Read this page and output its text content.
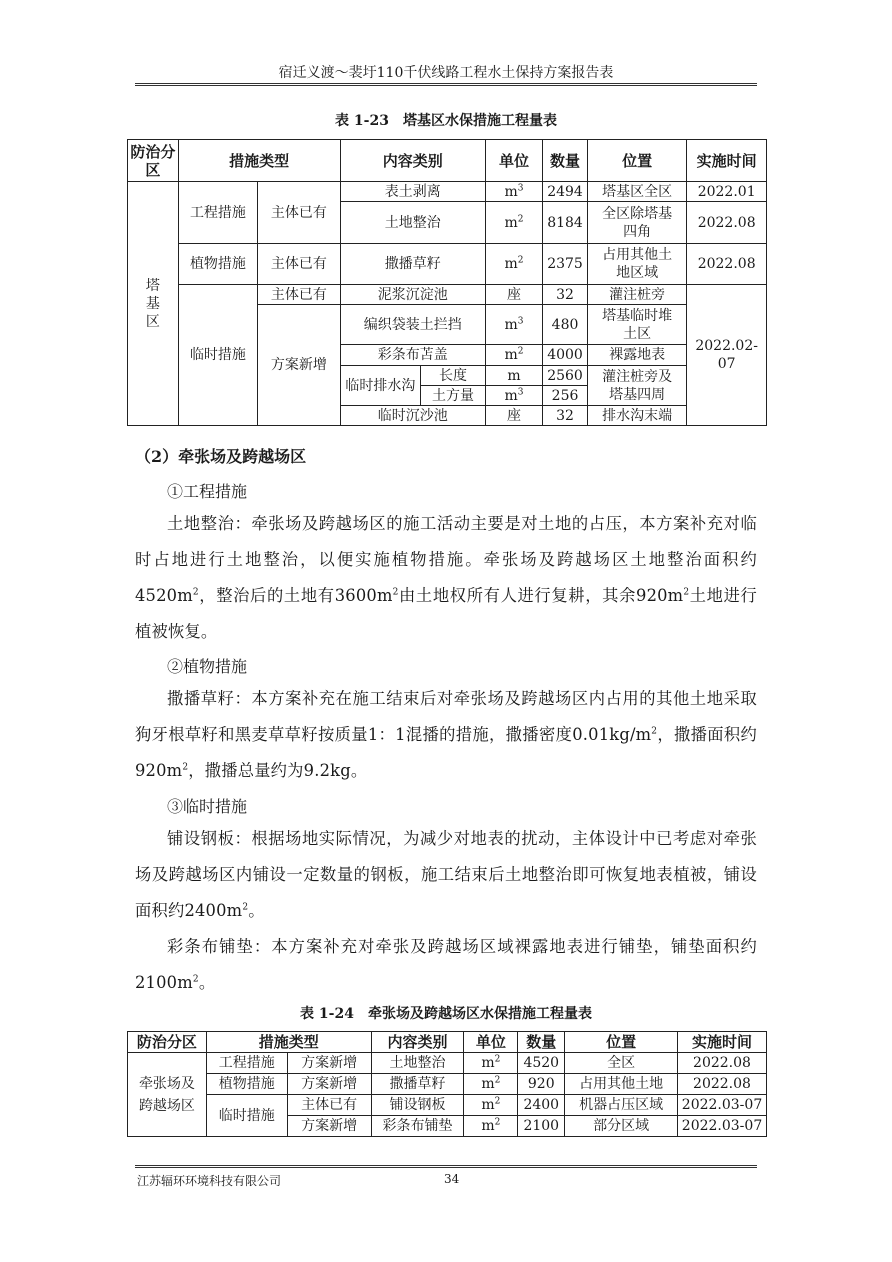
宿迁义渡～裴圩110千伏线路工程水土保持方案报告表
表 1-23　塔基区水保措施工程量表
防治分区	措施类型		内容类别		单位	数量	位置	实施时间
塔基区	工程措施	主体已有	表土剥离		$m^3$	2494	塔基区全区	2022.01
			土地整治		$m^2$	8184	全区除塔基四角	2022.08
	植物措施	主体已有	撒播草籽		$m^2$	2375	占用其他土地区域	2022.08
	临时措施	主体已有	泥浆沉淀池		座	32	灌注桩旁	2022.02-07
		方案新增	编织袋装土拦挡		$m^3$	480	塔基临时堆土区	
			彩条布苫盖		$m^2$	4000	裸露地表	
			临时排水沟	长度	m	2560	灌注桩旁及塔基四周	
				土方量	$m^3$	256		
			临时沉沙池		座	32	排水沟末端	
（2）牵张场及跨越场区
①工程措施
土地整治：牵张场及跨越场区的施工活动主要是对土地的占压，本方案补充对临时占地进行土地整治，以便实施植物措施。牵张场及跨越场区土地整治面积约$4520m^2$，整治后的土地有$3600m^2$由土地权所有人进行复耕，其余$920m^2$土地进行植被恢复。
②植物措施
撒播草籽：本方案补充在施工结束后对牵张场及跨越场区内占用的其他土地采取狗牙根草籽和黑麦草草籽按质量1：1混播的措施，撒播密度$0.01kg/m^2$，撒播面积约$920m^2$，撒播总量约为9.2kg。
③临时措施
铺设钢板：根据场地实际情况，为减少对地表的扰动，主体设计中已考虑对牵张场及跨越场区内铺设一定数量的钢板，施工结束后土地整治即可恢复地表植被，铺设面积约$2400m^2$。
彩条布铺垫：本方案补充对牵张及跨越场区域裸露地表进行铺垫，铺垫面积约$2100m^2$。
表 1-24　牵张场及跨越场区水保措施工程量表
防治分区	措施类型		内容类别	单位	数量	位置	实施时间
牵张场及跨越场区	工程措施	方案新增	土地整治	$m^2$	4520	全区	2022.08
	植物措施	方案新增	撒播草籽	$m^2$	920	占用其他土地	2022.08
	临时措施	主体已有	铺设钢板	$m^2$	2400	机器占压区域	2022.03-07
		方案新增	彩条布铺垫	$m^2$	2100	部分区域	2022.03-07
江苏辐环环境科技有限公司	34
